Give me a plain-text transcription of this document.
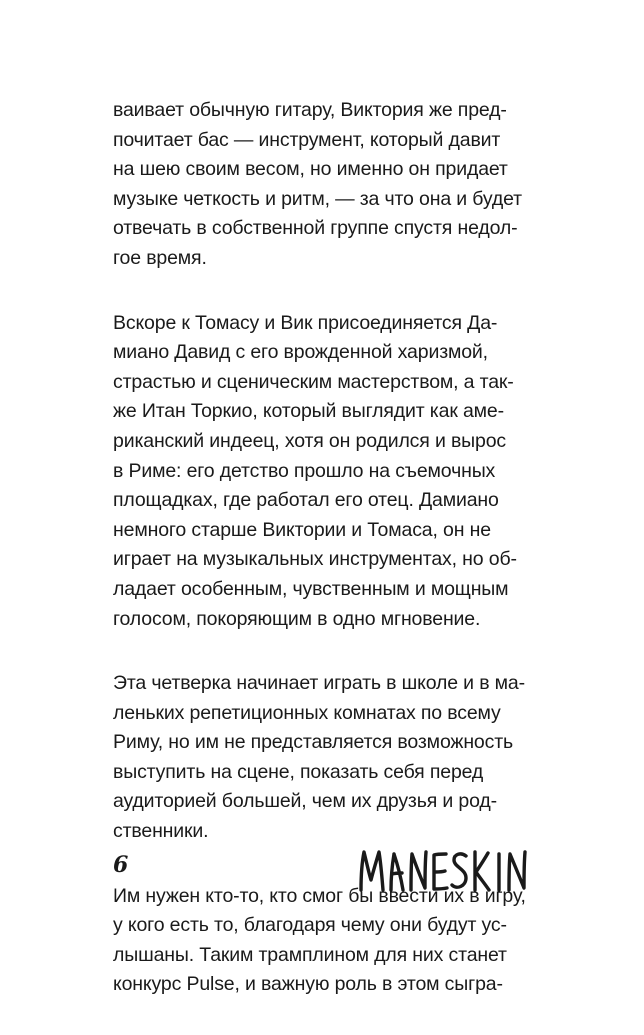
ваивает обычную гитару, Виктория же пред-
почитает бас — инструмент, который давит
на шею своим весом, но именно он придает
музыке четкость и ритм, — за что она и будет
отвечать в собственной группе спустя недол-
гое время.

Вскоре к Томасу и Вик присоединяется Да-
миано Давид с его врожденной харизмой,
страстью и сценическим мастерством, а так-
же Итан Торкио, который выглядит как аме-
риканский индеец, хотя он родился и вырос
в Риме: его детство прошло на съемочных
площадках, где работал его отец. Дамиано
немного старше Виктории и Томаса, он не
играет на музыкальных инструментах, но об-
ладает особенным, чувственным и мощным
голосом, покоряющим в одно мгновение.

Эта четверка начинает играть в школе и в ма-
леньких репетиционных комнатах по всему
Риму, но им не представляется возможность
выступить на сцене, показать себя перед
аудиторией большей, чем их друзья и род-
ственники.

Им нужен кто-то, кто смог бы ввести их в игру,
у кого есть то, благодаря чему они будут ус-
лышаны. Таким трамплином для них станет
конкурс Pulse, и важную роль в этом сыгра-

6
